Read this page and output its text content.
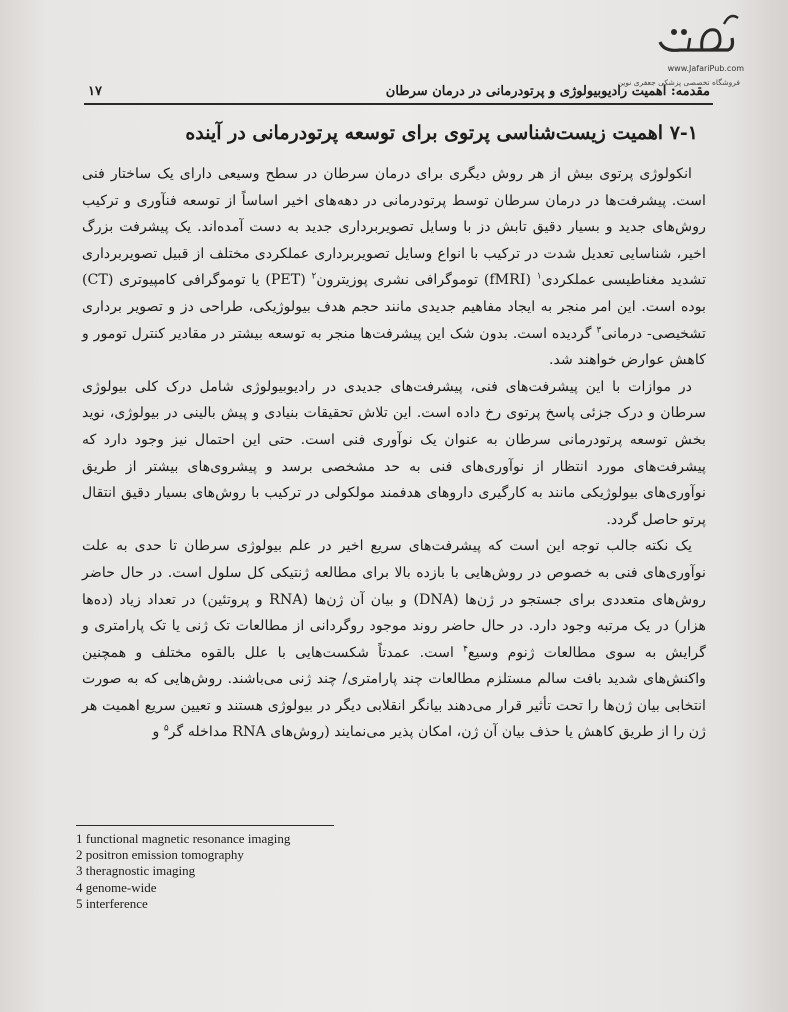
www.JafariPub.com
فروشگاه تخصصی پزشکی جعفری نوین
مقدمه: اهمیت رادیوبیولوژی و پرتودرمانی در درمان سرطان
۱۷
۷-۱ اهمیت زیست‌شناسی پرتوی برای توسعه پرتودرمانی در آینده

انکولوژی پرتوی بیش از هر روش دیگری برای درمان سرطان در سطح وسیعی دارای یک ساختار فنی است. پیشرفت‌ها در درمان سرطان توسط پرتودرمانی در دهه‌های اخیر اساساً از توسعه فنآوری و ترکیب روش‌های جدید و بسیار دقیق تابش دز با وسایل تصویربرداری جدید به دست آمده‌اند. یک پیشرفت بزرگ اخیر، شناسایی تعدیل شدت در ترکیب با انواع وسایل تصویربرداری عملکردی مختلف از قبیل تصویربرداری تشدید مغناطیسی عملکردی$^۱$ (fMRI) توموگرافی نشری پوزیترون$^۲$ (PET) یا توموگرافی کامپیوتری (CT) بوده است. این امر منجر به ایجاد مفاهیم جدیدی مانند حجم هدف بیولوژیکی، طراحی دز و تصویر برداری تشخیصی- درمانی$^۳$ گردیده است. بدون شک این پیشرفت‌ها منجر به توسعه بیشتر در مقادیر کنترل تومور و کاهش عوارض خواهند شد.

در موازات با این پیشرفت‌های فنی، پیشرفت‌های جدیدی در رادیوبیولوژی شامل درک کلی بیولوژی سرطان و درک جزئی پاسخ پرتوی رخ داده است. این تلاش تحقیقات بنیادی و پیش بالینی در بیولوژی، نوید بخش توسعه پرتودرمانی سرطان به عنوان یک نوآوری فنی است. حتی این احتمال نیز وجود دارد که پیشرفت‌های مورد انتظار از نوآوری‌های فنی به حد مشخصی برسد و پیشروی‌های بیشتر از طریق نوآوری‌های بیولوژیکی مانند به کارگیری داروهای هدفمند مولکولی در ترکیب با روش‌های بسیار دقیق انتقال پرتو حاصل گردد.

یک نکته جالب توجه این است که پیشرفت‌های سریع اخیر در علم بیولوژی سرطان تا حدی به علت نوآوری‌های فنی به خصوص در روش‌هایی با بازده بالا برای مطالعه ژنتیکی کل سلول است. در حال حاضر روش‌های متعددی برای جستجو در ژن‌ها (DNA) و بیان آن ژن‌ها (RNA و پروتئین) در تعداد زیاد (ده‌ها هزار) در یک مرتبه وجود دارد. در حال حاضر روند موجود روگردانی از مطالعات تک ژنی یا تک پارامتری و گرایش به سوی مطالعات ژنوم وسیع$^۴$ است. عمدتاً شکست‌هایی با علل بالقوه مختلف و همچنین واکنش‌های شدید بافت سالم مستلزم مطالعات چند پارامتری/ چند ژنی می‌باشند. روش‌هایی که به صورت انتخابی بیان ژن‌ها را تحت تأثیر قرار می‌دهند بیانگر انقلابی دیگر در بیولوژی هستند و تعیین سریع اهمیت هر ژن را از طریق کاهش یا حذف بیان آن ژن، امکان پذیر می‌نمایند (روش‌های RNA مداخله گر$^۵$ و

1 functional magnetic resonance imaging
2 positron emission tomography
3 theragnostic imaging
4 genome-wide
5 interference
